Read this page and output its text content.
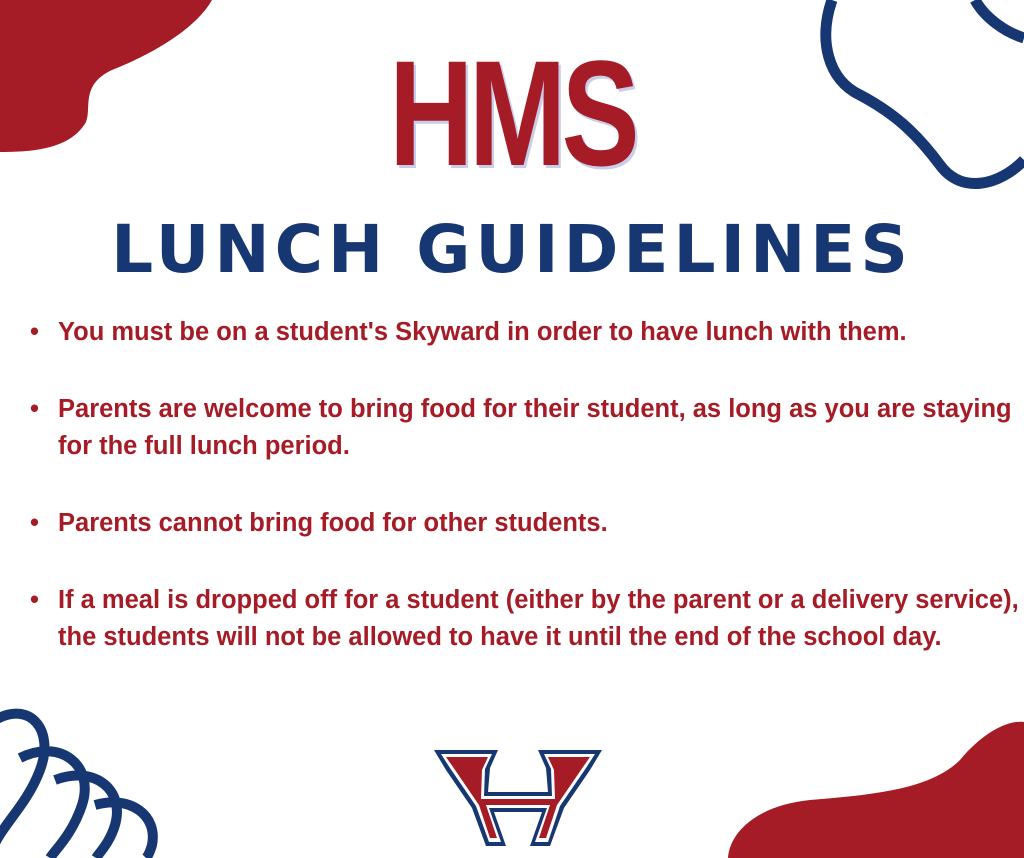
HMS
LUNCH GUIDELINES
• You must be on a student's Skyward in order to have lunch with them.
• Parents are welcome to bring food for their student, as long as you are staying for the full lunch period.
• Parents cannot bring food for other students.
• If a meal is dropped off for a student (either by the parent or a delivery service), the students will not be allowed to have it until the end of the school day.
